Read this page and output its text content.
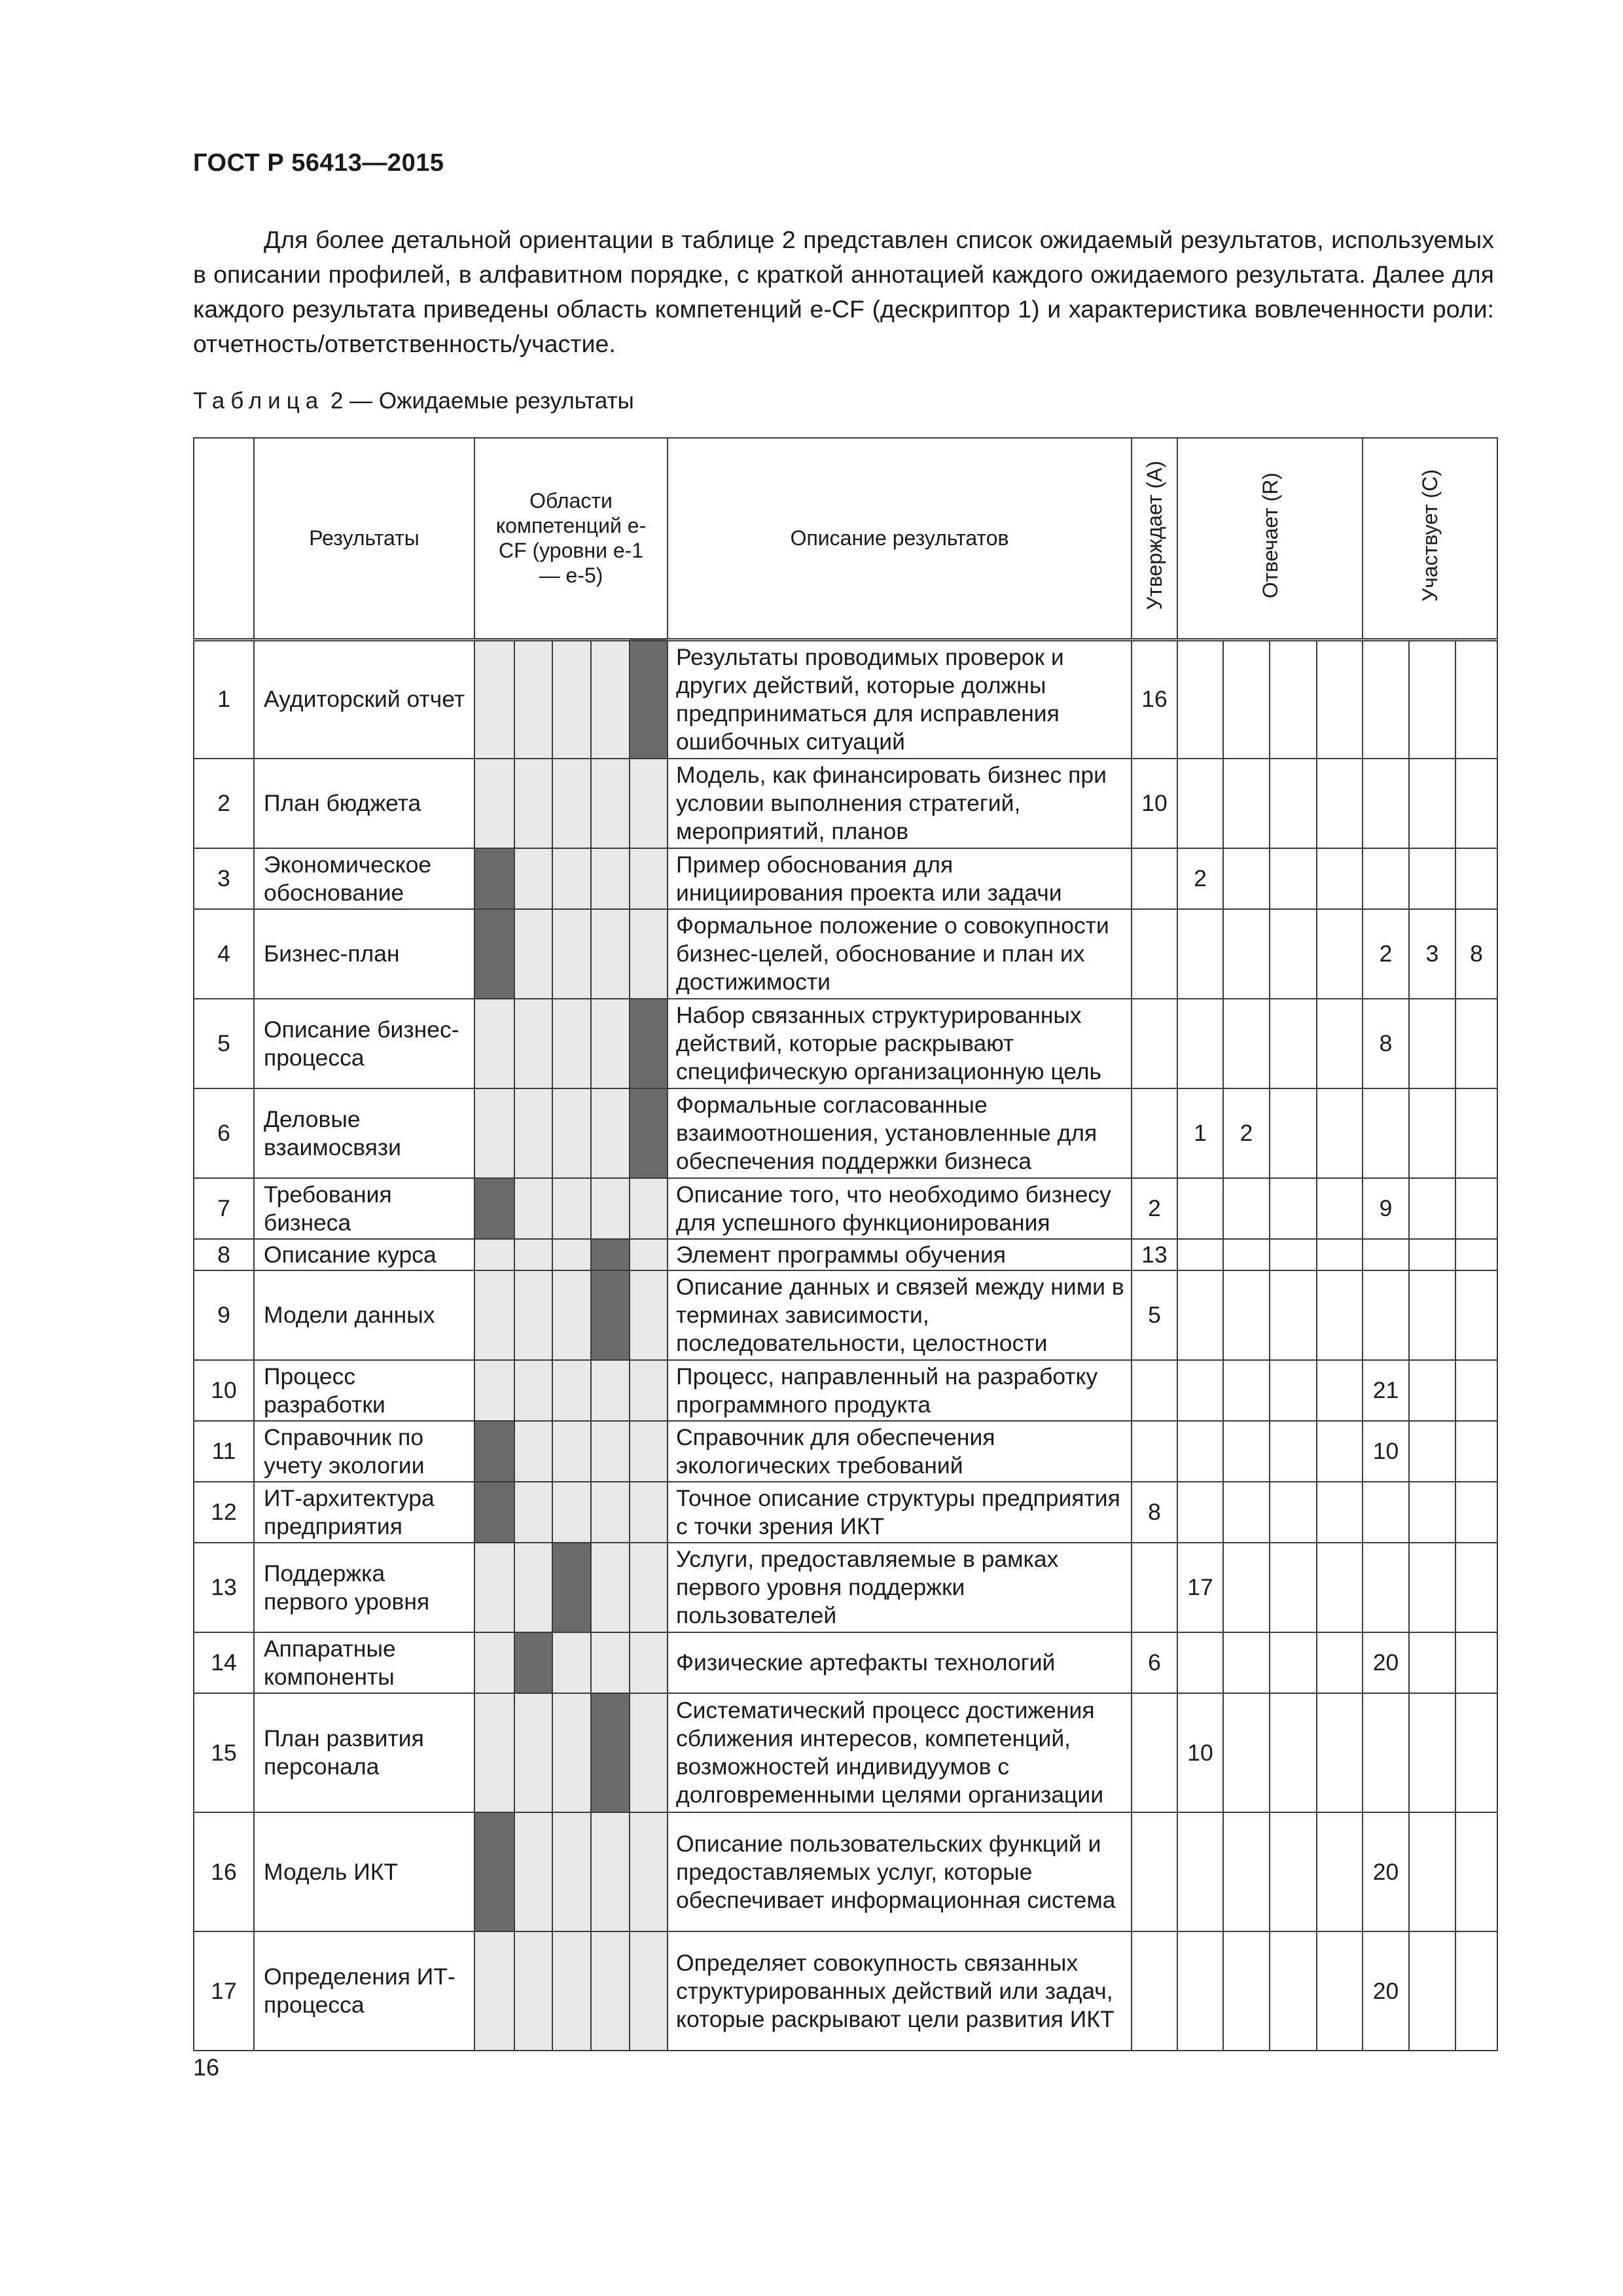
ГОСТ Р 56413—2015

Для более детальной ориентации в таблице 2 представлен список ожидаемый результатов, используемых в описании профилей, в алфавитном порядке, с краткой аннотацией каждого ожидаемого результата. Далее для каждого результата приведены область компетенций e-CF (дескриптор 1) и характеристика вовлеченности роли: отчетность/ответственность/участие.

Таблица 2 — Ожидаемые результаты
	Результаты	Области компетенций e-CF (уровни e-1 — e-5)					Описание результатов	Утверждает (A)	Отвечает (R)				Участвует (C)		
1	Аудиторский отчет						Результаты проводимых проверок и других действий, которые должны предприниматься для исправления ошибочных ситуаций	16							
2	План бюджета						Модель, как финансировать бизнес при условии выполнения стратегий, мероприятий, планов	10							
3	Экономическое обоснование						Пример обоснования для инициирования проекта или задачи		2						
4	Бизнес-план						Формальное положение о совокупности бизнес-целей, обоснование и план их достижимости						2	3	8
5	Описание бизнес-процесса						Набор связанных структурированных действий, которые раскрывают специфическую организационную цель						8		
6	Деловые взаимосвязи						Формальные согласованные взаимоотношения, установленные для обеспечения поддержки бизнеса		1	2					
7	Требования бизнеса						Описание того, что необходимо бизнесу для успешного функционирования	2					9		
8	Описание курса						Элемент программы обучения	13							
9	Модели данных						Описание данных и связей между ними в терминах зависимости, последовательности, целостности	5							
10	Процесс разработки						Процесс, направленный на разработку программного продукта						21		
11	Справочник по учету экологии						Справочник для обеспечения экологических требований						10		
12	ИТ-архитектура предприятия						Точное описание структуры предприятия с точки зрения ИКТ	8							
13	Поддержка первого уровня						Услуги, предоставляемые в рамках первого уровня поддержки пользователей		17						
14	Аппаратные компоненты						Физические артефакты технологий	6					20		
15	План развития персонала						Систематический процесс достижения сближения интересов, компетенций, возможностей индивидуумов с долговременными целями организации		10						
16	Модель ИКТ						Описание пользовательских функций и предоставляемых услуг, которые обеспечивает информационная система						20		
17	Определения ИТ-процесса						Определяет совокупность связанных структурированных действий или задач, которые раскрывают цели развития ИКТ						20		
16
